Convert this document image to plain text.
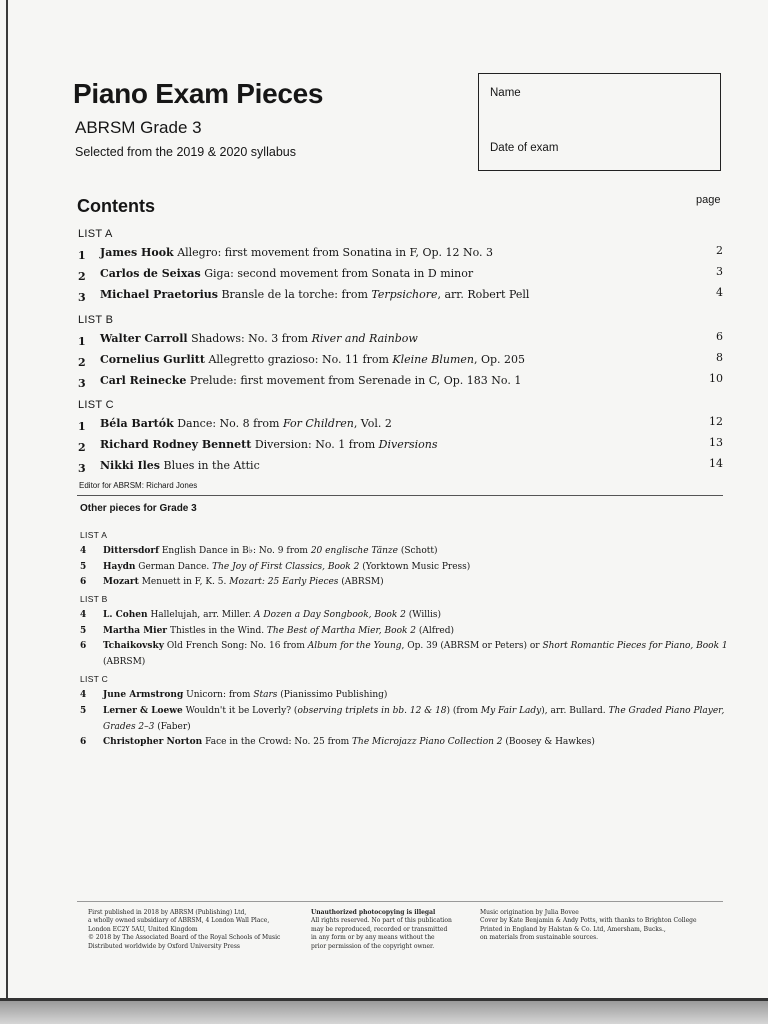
Piano Exam Pieces
ABRSM Grade 3
Selected from the 2019 & 2020 syllabus
Name
Date of exam
Contents	page
LIST A
1 James Hook Allegro: first movement from Sonatina in F, Op. 12 No. 3	2
2 Carlos de Seixas Giga: second movement from Sonata in D minor	3
3 Michael Praetorius Bransle de la torche: from Terpsichore, arr. Robert Pell	4
LIST B
1 Walter Carroll Shadows: No. 3 from River and Rainbow	6
2 Cornelius Gurlitt Allegretto grazioso: No. 11 from Kleine Blumen, Op. 205	8
3 Carl Reinecke Prelude: first movement from Serenade in C, Op. 183 No. 1	10
LIST C
1 Béla Bartók Dance: No. 8 from For Children, Vol. 2	12
2 Richard Rodney Bennett Diversion: No. 1 from Diversions	13
3 Nikki Iles Blues in the Attic	14
Editor for ABRSM: Richard Jones
Other pieces for Grade 3
LIST A
4 Dittersdorf English Dance in B♭: No. 9 from 20 englische Tänze (Schott)
5 Haydn German Dance. The Joy of First Classics, Book 2 (Yorktown Music Press)
6 Mozart Menuett in F, K. 5. Mozart: 25 Early Pieces (ABRSM)
LIST B
4 L. Cohen Hallelujah, arr. Miller. A Dozen a Day Songbook, Book 2 (Willis)
5 Martha Mier Thistles in the Wind. The Best of Martha Mier, Book 2 (Alfred)
6 Tchaikovsky Old French Song: No. 16 from Album for the Young, Op. 39 (ABRSM or Peters) or Short Romantic Pieces for Piano, Book 1
(ABRSM)
LIST C
4 June Armstrong Unicorn: from Stars (Pianissimo Publishing)
5 Lerner & Loewe Wouldn't it be Loverly? (observing triplets in bb. 12 & 18) (from My Fair Lady), arr. Bullard. The Graded Piano Player,
Grades 2–3 (Faber)
6 Christopher Norton Face in the Crowd: No. 25 from The Microjazz Piano Collection 2 (Boosey & Hawkes)
First published in 2018 by ABRSM (Publishing) Ltd,
a wholly owned subsidiary of ABRSM, 4 London Wall Place,
London EC2Y 5AU, United Kingdom
© 2018 by The Associated Board of the Royal Schools of Music
Distributed worldwide by Oxford University Press
Unauthorized photocopying is illegal
All rights reserved. No part of this publication
may be reproduced, recorded or transmitted
in any form or by any means without the
prior permission of the copyright owner.
Music origination by Julia Bovee
Cover by Kate Benjamin & Andy Potts, with thanks to Brighton College
Printed in England by Halstan & Co. Ltd, Amersham, Bucks.,
on materials from sustainable sources.
